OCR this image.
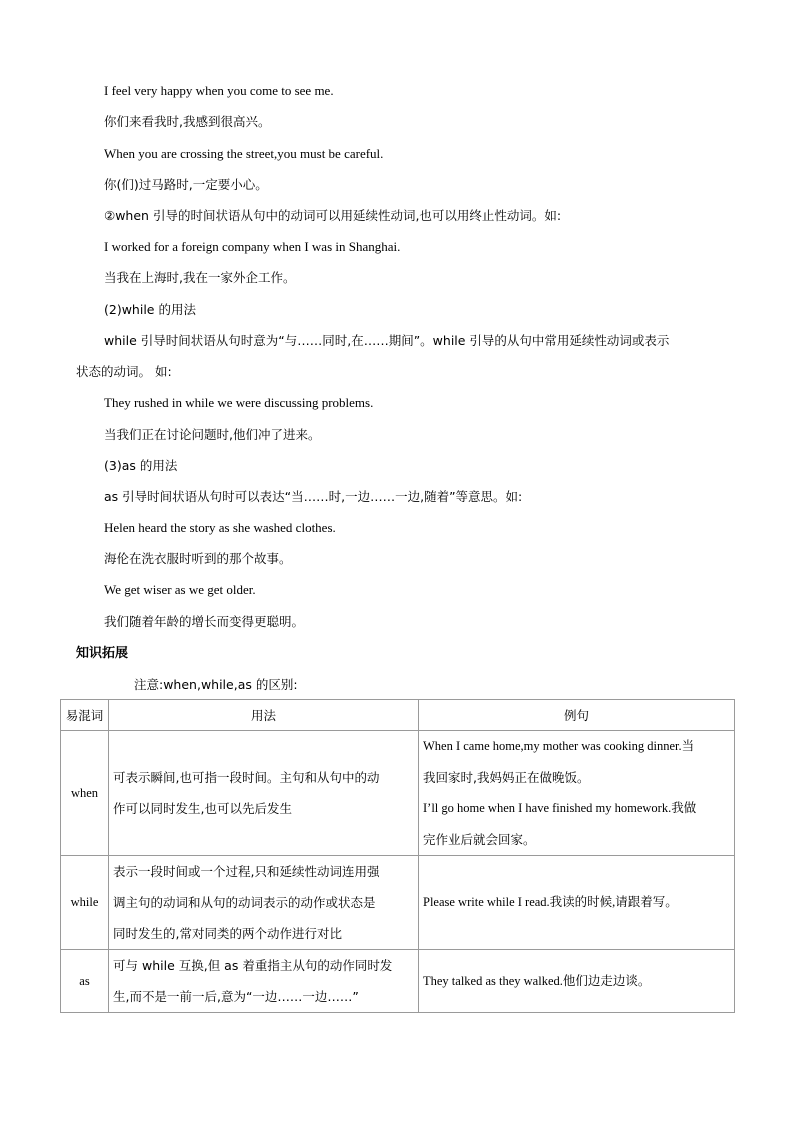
I feel very happy when you come to see me.
你们来看我时,我感到很高兴。
When you are crossing the street,you must be careful.
你(们)过马路时,一定要小心。
②when 引导的时间状语从句中的动词可以用延续性动词,也可以用终止性动词。如:
I worked for a foreign company when I was in Shanghai.
当我在上海时,我在一家外企工作。
(2)while 的用法
while 引导时间状语从句时意为“与……同时,在……期间”。while 引导的从句中常用延续性动词或表示
状态的动词。 如:
They rushed in while we were discussing problems.
当我们正在讨论问题时,他们冲了进来。
(3)as 的用法
as 引导时间状语从句时可以表达“当……时,一边……一边,随着”等意思。如:
Helen heard the story as she washed clothes.
海伦在洗衣服时听到的那个故事。
We get wiser as we get older.
我们随着年龄的增长而变得更聪明。
知识拓展
注意:when,while,as 的区别:
易混词	用法	例句
when	可表示瞬间,也可指一段时间。主句和从句中的动
作可以同时发生,也可以先后发生	When I came home,my mother was cooking dinner.当
我回家时,我妈妈正在做晚饭。
I’ll go home when I have finished my homework.我做
完作业后就会回家。

while	表示一段时间或一个过程,只和延续性动词连用强
调主句的动词和从句的动词表示的动作或状态是
同时发生的,常对同类的两个动作进行对比	Please write while I read.我读的时候,请跟着写。

as	可与 while 互换,但 as 着重指主从句的动作同时发
生,而不是一前一后,意为“一边……一边……”	They talked as they walked.他们边走边谈。
